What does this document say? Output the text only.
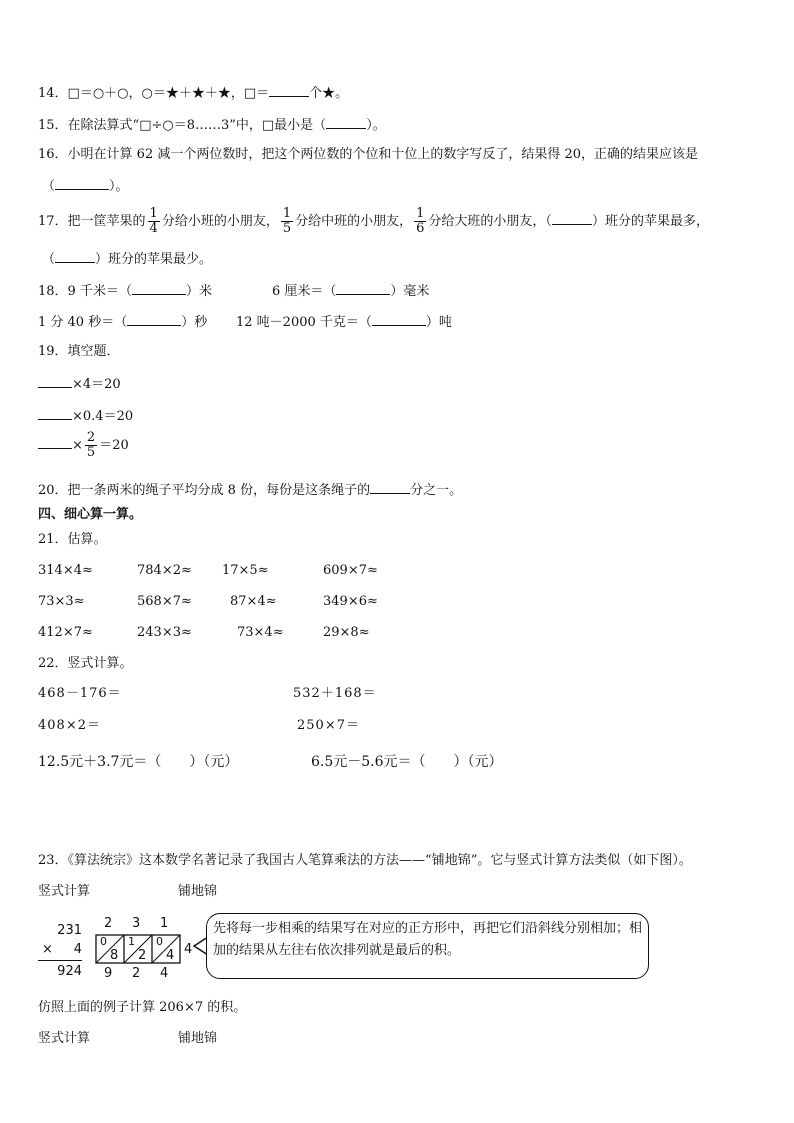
14．□＝○＋○，○＝★＋★＋★，□＝	个★。
15．在除法算式“□÷○＝8……3”中，□最小是（	）。
16．小明在计算 62 减一个两位数时，把这个两位数的个位和十位上的数字写反了，结果得 20，正确的结果应该是
（	）。
17．把一筐苹果的 $\frac{1}{4}$ 分给小班的小朋友， $\frac{1}{5}$ 分给中班的小朋友， $\frac{1}{6}$ 分给大班的小朋友，（	）班分的苹果最多，
（	）班分的苹果最少。
18．9 千米＝（	）米	6 厘米＝（	）毫米
1 分 40 秒＝（	）秒 12 吨－2000 千克＝（	）吨
19．填空题．
×4＝20
×0.4＝20
× $\frac{2}{5} =20$
20．把一条两米的绳子平均分成 8 份，每份是这条绳子的	分之一。
四、细心算一算。
21．估算。
314×4≈	784×2≈ 17×5≈	609×7≈
73×3≈	568×7≈	87×4≈	349×6≈
412×7≈	243×3≈	73×4≈	29×8≈
22．竖式计算。
468－176＝	532＋168＝
408×2＝	250×7＝
12.5元＋3.7元＝（　　）（元）	6.5元－5.6元＝（　　）（元）
23．《算法统宗》这本数学名著记录了我国古人笔算乘法的方法——“铺地锦”。它与竖式计算方法类似（如下图）。
竖式计算	铺地锦
231
× 4
924
2 3 1
0
8
1
2
0
4 4
9 2 4
先将每一步相乘的结果写在对应的正方形中，再把它们沿斜线分别相加；相加的结果从左往右依次排列就是最后的积。
仿照上面的例子计算 206×7 的积。
竖式计算	铺地锦
